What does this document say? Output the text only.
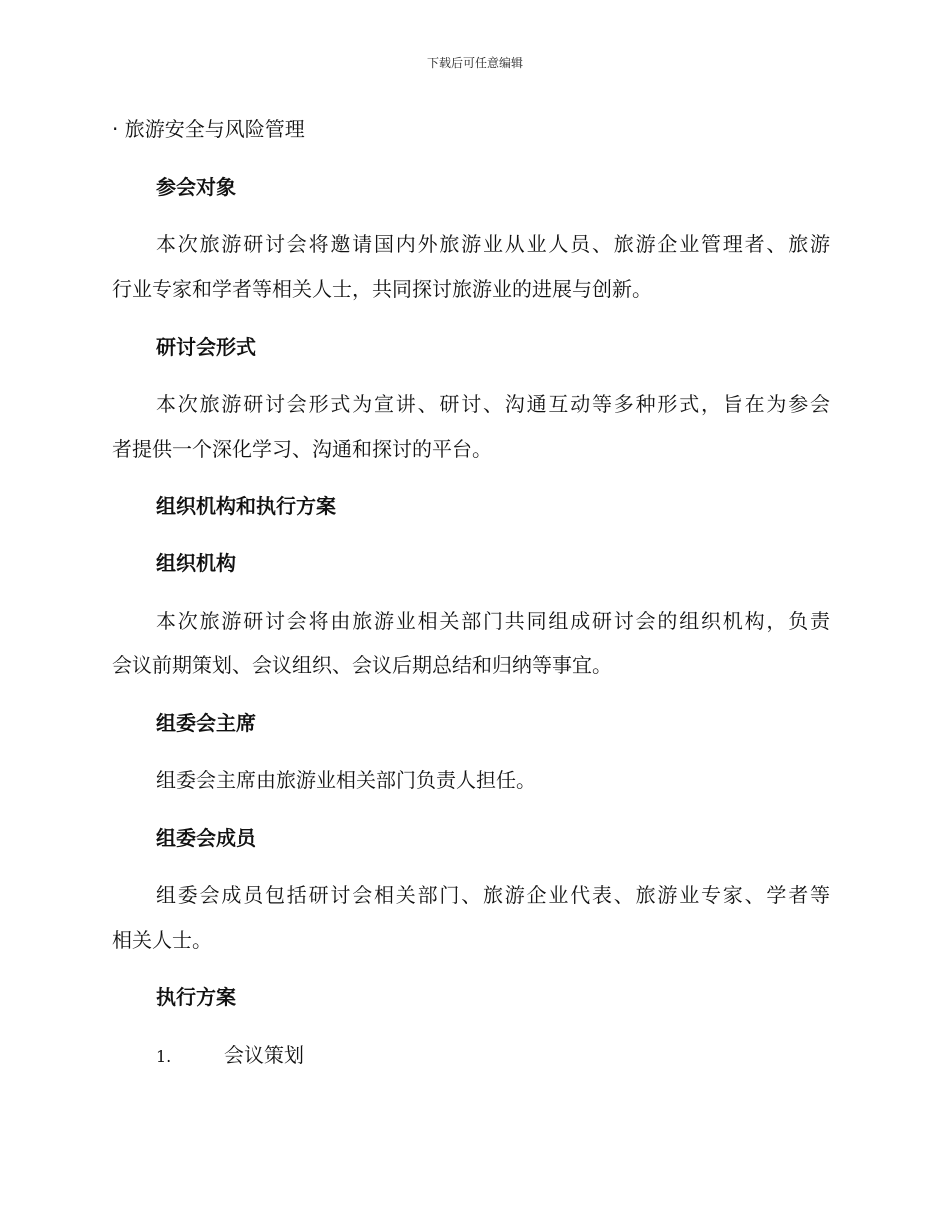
下载后可任意编辑
· 旅游安全与风险管理
参会对象
本次旅游研讨会将邀请国内外旅游业从业人员、旅游企业管理者、旅游
行业专家和学者等相关人士，共同探讨旅游业的进展与创新。
研讨会形式
本次旅游研讨会形式为宣讲、研讨、沟通互动等多种形式，旨在为参会
者提供一个深化学习、沟通和探讨的平台。
组织机构和执行方案
组织机构
本次旅游研讨会将由旅游业相关部门共同组成研讨会的组织机构，负责
会议前期策划、会议组织、会议后期总结和归纳等事宜。
组委会主席
组委会主席由旅游业相关部门负责人担任。
组委会成员
组委会成员包括研讨会相关部门、旅游企业代表、旅游业专家、学者等
相关人士。
执行方案
1.	会议策划
